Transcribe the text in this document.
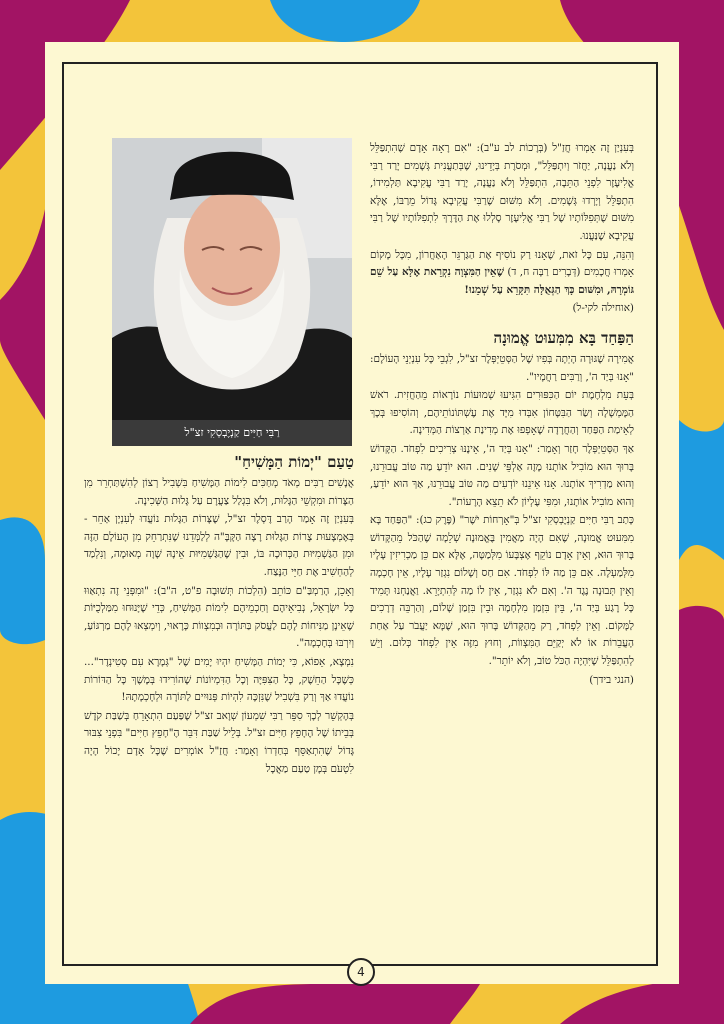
רַבִּי חַיִּים קַנְיֶבְסְקִי זצ"ל

בְּעִנְיַן זֶה אָמְרוּ חֲזַ"ל (בְּרָכוֹת לב ע"ב): "אִם רָאָה אָדָם שֶׁהִתְפַּלֵּל וְלֹא נַעֲנָה, יַחֲזֹר וְיִתְפַּלֵּל", וּמְסֹרֶת בְּיָדֵינוּ, שֶׁבְּתַעֲנִית גְּשָׁמִים יָרַד רַבִּי אֱלִיעֶזֶר לִפְנֵי הַתֵּבָה, הִתְפַּלֵּל וְלֹא נַעֲנָה, יָרַד רַבִּי עֲקִיבָא תַּלְמִידוֹ, הִתְפַּלֵּל וְיָרְדוּ גְּשָׁמִים. וְלֹא מִשּׁוּם שֶׁרַבִּי עֲקִיבָא גָּדוֹל מֵרַבּוֹ, אֶלָּא מִשּׁוּם שֶׁתְּפִלּוֹתָיו שֶׁל רַבִּי אֱלִיעֶזֶר סָלְלוּ אֶת הַדֶּרֶךְ לִתְפִלּוֹתָיו שֶׁל רַבִּי עֲקִיבָא שֶׁנַּעֲנוּ.

וְהִנֵּה, עִם כָּל זֹאת, שֶׁאָנוּ רַק נוֹסִיף אֶת הַגַּרְגֵּר הָאַחֲרוֹן, מִכָּל מָקוֹם אָמְרוּ חֲכָמִים (דְּבָרִים רַבָּה ח, ד) שֶׁאֵין הַמִּצְוָה נִקְרֵאת אֶלָּא עַל שֵׁם גּוֹמְרָהּ, וּמִשּׁוּם כָּךְ הַגְּאֻלָּה תִּקָּרֵא עַל שְׁמֵנוּ!

(אוחילה לקי-ל)

הַפַּחַד בָּא מִמִּעוּט אֱמוּנָה

אֲמִירָה שֶׁגּוּרָה הָיְתָה בְּפִיו שֶׁל הַסְּטֵיְפְּלֶר זצ"ל, לִגְבֵי כָּל עִנְיְנֵי הָעוֹלָם: "אָנוּ בְּיַד ה', וְרַבִּים רַחֲמָיו".

בְּעֵת מִלְחֶמֶת יוֹם הַכִּפּוּרִים הִגִּיעוּ שְׁמוּעוֹת נוֹרָאוֹת מֵהַחֲזִית. רֹאשׁ הַמֶּמְשָׁלָה וְשַׂר הַבִּטָּחוֹן אִבְּדוּ מִיָּד אֶת עֶשְׁתּוֹנוֹתֵיהֶם, וְהוֹסִיפוּ בְּכָךְ לְאֵימַת הַפַּחַד וְהַחֲרָדָה שֶׁאָפְפוּ אֶת מְדִינַת אַרְצוֹת הַמְּדִינָה.

אַךְ הַסְּטֵיְפְּלֶר חָזַר וְאָמַר: "אָנוּ בְּיַד ה', אֵינֶנּוּ צְרִיכִים לִפְחֹד. הַקָּדוֹשׁ בָּרוּךְ הוּא מוֹבִיל אוֹתָנוּ מֶזֶה אַלְפֵּי שָׁנִים. הוּא יוֹדֵעַ מַה טּוֹב עֲבוּרֵנוּ, וְהוּא מַדְרִיךְ אוֹתָנוּ. אָנוּ אֵינֵנוּ יוֹדְעִים מַה טּוֹב עֲבוּרֵנוּ, אַךְ הוּא יוֹדֵעַ, וְהוּא מוֹבִיל אוֹתָנוּ, וּמִפִּי עֶלְיוֹן לֹא תֵצֵא הָרָעוֹת".

כָּתַב רַבִּי חַיִּים קַנְיֶבְסְקִי זצ"ל בְּ"אָרְחוֹת יֹשֶׁר" (פֶּרֶק כג): "הַפַּחַד בָּא מִמִּעוּט אֱמוּנָה, שֶׁאִם הָיָה מַאֲמִין בֶּאֱמוּנָה שְׁלֵמָה שֶׁהַכֹּל מֵהַקָּדוֹשׁ בָּרוּךְ הוּא, וְאֵין אָדָם נוֹקֵף אֶצְבָּעוֹ מִלְּמַטָּה, אֶלָּא אִם כֵּן מַכְרִיזִין עָלָיו מִלְּמַעְלָה. אִם כֵּן מַה לּוֹ לִפְחֹד. אִם חַס וְשָׁלוֹם נִגְזַר עָלָיו, אֵין חָכְמָה וְאֵין תְּבוּנָה נֶגֶד ה'. וְאִם לֹא נִגְזַר, אֵין לוֹ מַה לְּהִתְיָרֵא. וַאֲנַחְנוּ תָּמִיד כָּל רֶגַע בְּיַד ה', בֵּין בִּזְמַן מִלְחָמָה וּבֵין בִּזְמַן שָׁלוֹם, וְהַרְבֵּה דְרָכִים לַמָּקוֹם. וְאֵין לִפְחֹד, רַק מֵהַקָּדוֹשׁ בָּרוּךְ הוּא, שֶׁמָּא יַעֲבֹר עַל אַחַת הָעֲבֵרוֹת אוֹ לֹא יְקַיֵּם הַמִּצְווֹת, וְחוּץ מִזֶּה אֵין לִפְחֹד כְּלוּם. וְיֵשׁ לְהִתְפַּלֵּל שֶׁיִּהְיֶה הַכֹּל טוֹב, וְלֹא יוֹתֵר".

(הנגי בידך)

טַעַם "יְמוֹת הַמָּשִׁיחַ"

אֲנָשִׁים רַבִּים מְאֹד מְחַכִּים לִימוֹת הַמָּשִׁיחַ בִּשְׁבִיל רְצוֹן לְהִשְׁתַּחְרֵר מִן הַצָּרוֹת וּמִקְשֵׁי הַגָּלוּת, וְלֹא בִּגְלַל צַעֲרָם עַל גָּלוּת הַשְּׁכִינָה.

בְּעִנְיַן זֶה אָמַר הָרַב דֶּסְלֶר זצ"ל, שֶׁצָּרוֹת הַגָּלוּת נוֹעֲדוּ לְעִנְיָן אַחֵר - בְּאֶמְצָעוּת צָרוֹת הַגָּלוּת רָצָה הַקָּבָּ"ה לְלַמְּדֵנוּ שֶׁנִּתְרַחֵק מִן הָעוֹלָם הַזֶּה וּמִן הַגַּשְׁמִיּוּת הַכְּרוּכָה בּוֹ, וּבִין שֶׁהַגַּשְׁמִיּוּת אֵינָהּ שָׁוָה מְאוּמָה, וְנִלְמַד לְהַחְשִׁיב אֶת חַיֵּי הַנֶּצַח.

וְאָכֵן, הָרַמְבַּ"ם כּוֹתֵב (הִלְכוֹת תְּשׁוּבָה פ"ט, ה"ב): "וּמִפְּנֵי זֶה נִתְאַוּוּ כָּל יִשְׂרָאֵל, נְבִיאֵיהֶם וְחַכְמֵיהֶם לִימוֹת הַמָּשִׁיחַ, כְּדֵי שֶׁיָּנוּחוּ מִמַּלְכֻיּוֹת שֶׁאֵינָן מַנִּיחוֹת לָהֶם לַעֲסֹק בַּתּוֹרָה וּבְמִצְווֹת כָּרָאוּי, וְיִמְצְאוּ לָהֶם מַרְגּוֹעַ, וְיִרְבּוּ בְּחָכְמָה".

נִמְצָא, אֵפוֹא, כִּי יְמוֹת הַמָּשִׁיחַ יִהְיוּ יָמִים שֶׁל "גְּמָרָא עִם סְטִינְדֶר"... כְּשֶׁכָּל הַחֵשֶׁק, כָּל הַצִּפִּיָּה וְכָל הַדִּמְיוֹנוֹת שֶׁהוֹרִידוּ בְּמֶשֶׁךְ כָּל הַדּוֹרוֹת נוֹעֲדוּ אַךְ וְרַק בִּשְׁבִיל שֶׁנִּזְכֶּה לִהְיוֹת פְּנוּיִים לַתּוֹרָה וּלְחָכְמָתָהּ!

בְּהֶקְשֵׁר לְכָךְ סִפֵּר רַבִּי שִׁמְעוֹן שְׁוָאב זצ"ל שֶׁפַּעַם הִתְאָרֵחַ בְּשַׁבַּת קֹדֶשׁ בְּבֵיתוֹ שֶׁל הֶחָפֵץ חַיִּים זצ"ל. בְּלֵיל שַׁבַּת דִּבֵּר הֶ"חָפֵץ חַיִּים" בִּפְנֵי צִבּוּר גָּדוֹל שֶׁהִתְאַסֵּף בְּחַדְרוֹ וְאָמַר: חֲזַ"ל אוֹמְרִים שֶׁכָּל אָדָם יָכוֹל הָיָה לִטְעֹם בְּמָן טַעַם מַאֲכָל

4
